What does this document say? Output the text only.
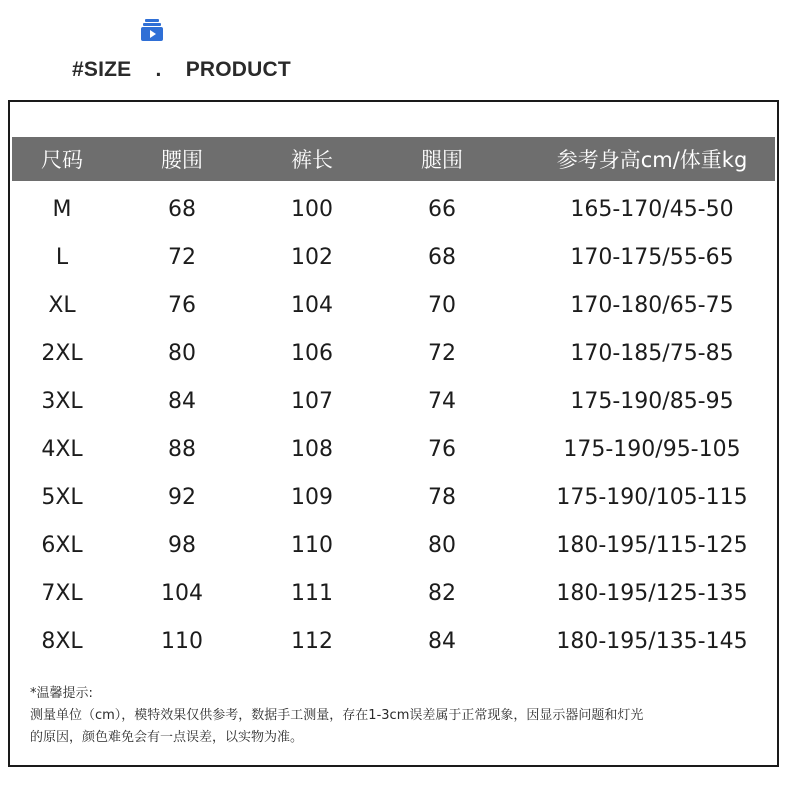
#SIZE . PRODUCT
尺码	腰围	裤长	腿围	参考身高cm/体重kg
M	68	100	66	165-170/45-50
L	72	102	68	170-175/55-65
XL	76	104	70	170-180/65-75
2XL	80	106	72	170-185/75-85
3XL	84	107	74	175-190/85-95
4XL	88	108	76	175-190/95-105
5XL	92	109	78	175-190/105-115
6XL	98	110	80	180-195/115-125
7XL	104	111	82	180-195/125-135
8XL	110	112	84	180-195/135-145
*温馨提示:
测量单位（cm），模特效果仅供参考，数据手工测量，存在1-3cm误差属于正常现象，因显示器问题和灯光
的原因，颜色难免会有一点误差，以实物为准。
